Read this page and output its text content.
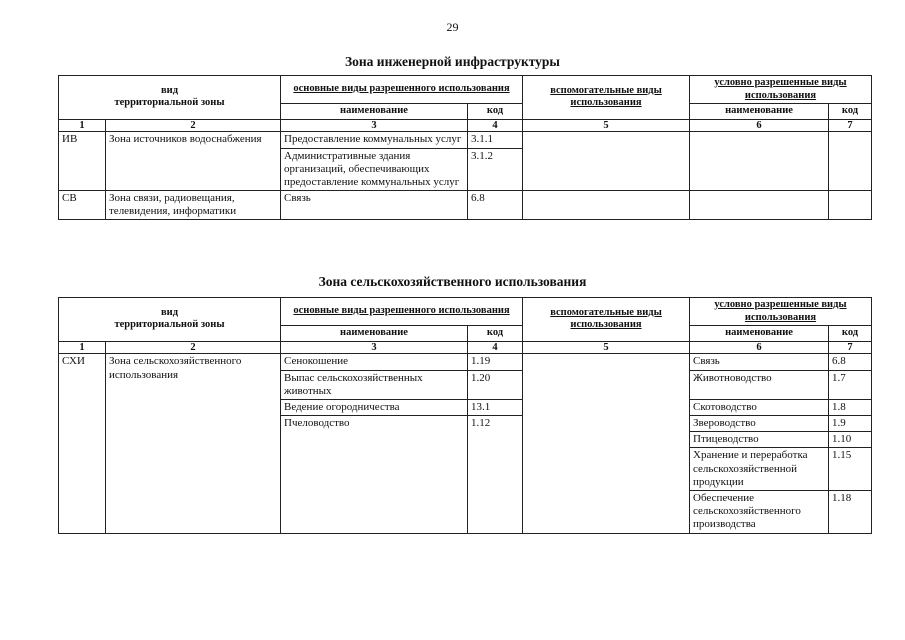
29
Зона инженерной инфраструктуры
вид
территориальной зоны		основные виды разрешенного использования		вспомогательные виды использования	условно разрешенные виды использования	
		наименование	код		наименование	код
1	2	3	4	5	6	7
ИВ	Зона источников водоснабжения	Предоставление коммунальных услуг	3.1.1			
		Административные здания организаций, обеспечивающих предоставление коммунальных услуг	3.1.2			
СВ	Зона связи, радиовещания, телевидения, информатики	Связь	6.8			
Зона сельскохозяйственного использования
вид
территориальной зоны		основные виды разрешенного использования		вспомогательные виды использования	условно разрешенные виды использования	
		наименование	код		наименование	код
1	2	3	4	5	6	7
СХИ	Зона сельскохозяйственного использования	Сенокошение	1.19		Связь	6.8
		Выпас сельскохозяйственных животных	1.20		Животноводство	1.7
		Ведение огородничества	13.1		Скотоводство	1.8
		Пчеловодство	1.12		Звероводство	1.9
					Птицеводство	1.10
					Хранение и переработка сельскохозяйственной продукции	1.15
					Обеспечение сельскохозяйственного производства	1.18
